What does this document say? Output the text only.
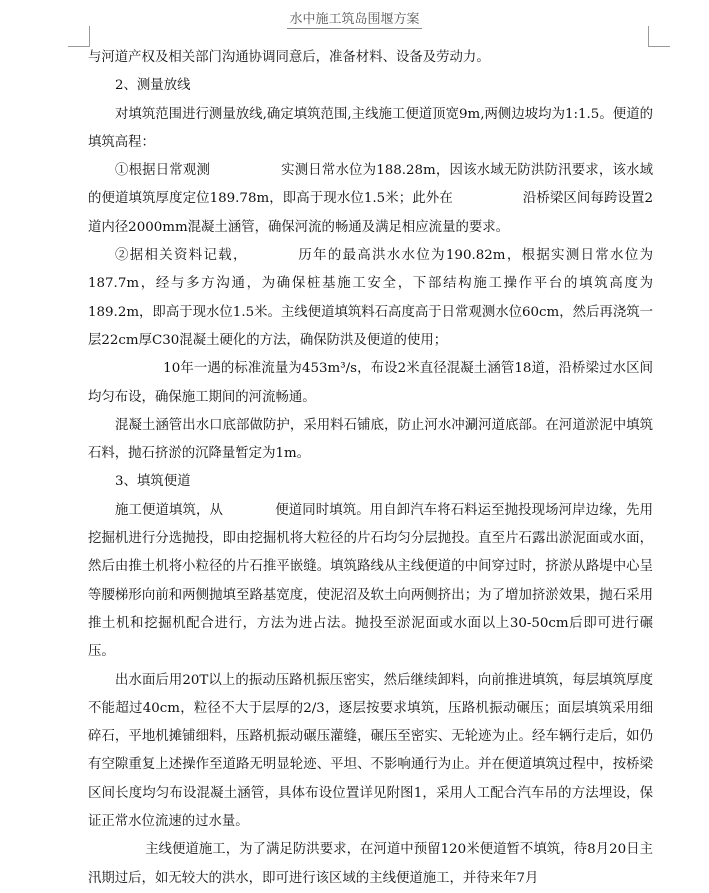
水中施工筑岛围堰方案

与河道产权及相关部门沟通协调同意后，准备材料、设备及劳动力。

2、测量放线

对填筑范围进行测量放线,确定填筑范围,主线施工便道顶宽9m,两侧边坡均为1:1.5。便道的填筑高程：

①根据日常观测                实测日常水位为188.28m，因该水域无防洪防汛要求，该水域的便道填筑厚度定位189.78m，即高于现水位1.5米；此外在                沿桥梁区间每跨设置2道内径2000mm混凝土涵管，确保河流的畅通及满足相应流量的要求。

②据相关资料记载，         历年的最高洪水水位为190.82m，根据实测日常水位为187.7m，经与多方沟通，为确保桩基施工安全，下部结构施工操作平台的填筑高度为189.2m，即高于现水位1.5米。主线便道填筑料石高度高于日常观测水位60cm，然后再浇筑一层22cm厚C30混凝土硬化的方法，确保防洪及便道的使用；

10年一遇的标准流量为453m³/s，布设2米直径混凝土涵管18道，沿桥梁过水区间均匀布设，确保施工期间的河流畅通。

混凝土涵管出水口底部做防护，采用料石铺底，防止河水冲涮河道底部。在河道淤泥中填筑石料，抛石挤淤的沉降量暂定为1m。

3、填筑便道

施工便道填筑，从            便道同时填筑。用自卸汽车将石料运至抛投现场河岸边缘，先用挖掘机进行分选抛投，即由挖掘机将大粒径的片石均匀分层抛投。直至片石露出淤泥面或水面，然后由推土机将小粒径的片石推平嵌缝。填筑路线从主线便道的中间穿过时，挤淤从路堤中心呈等腰梯形向前和两侧抛填至路基宽度，使泥沼及软土向两侧挤出；为了增加挤淤效果，抛石采用推土机和挖掘机配合进行，方法为进占法。抛投至淤泥面或水面以上30-50cm后即可进行碾压。

出水面后用20T以上的振动压路机振压密实，然后继续卸料，向前推进填筑，每层填筑厚度不能超过40cm，粒径不大于层厚的2/3，逐层按要求填筑，压路机振动碾压；面层填筑采用细碎石，平地机摊铺细料，压路机振动碾压灌缝，碾压至密实、无轮迹为止。经车辆行走后，如仍有空隙重复上述操作至道路无明显轮迹、平坦、不影响通行为止。并在便道填筑过程中，按桥梁区间长度均匀布设混凝土涵管，具体布设位置详见附图1，采用人工配合汽车吊的方法埋设，保证正常水位流速的过水量。

主线便道施工，为了满足防洪要求，在河道中预留120米便道暂不填筑，待8月20日主汛期过后，如无较大的洪水，即可进行该区域的主线便道施工，并待来年7月
